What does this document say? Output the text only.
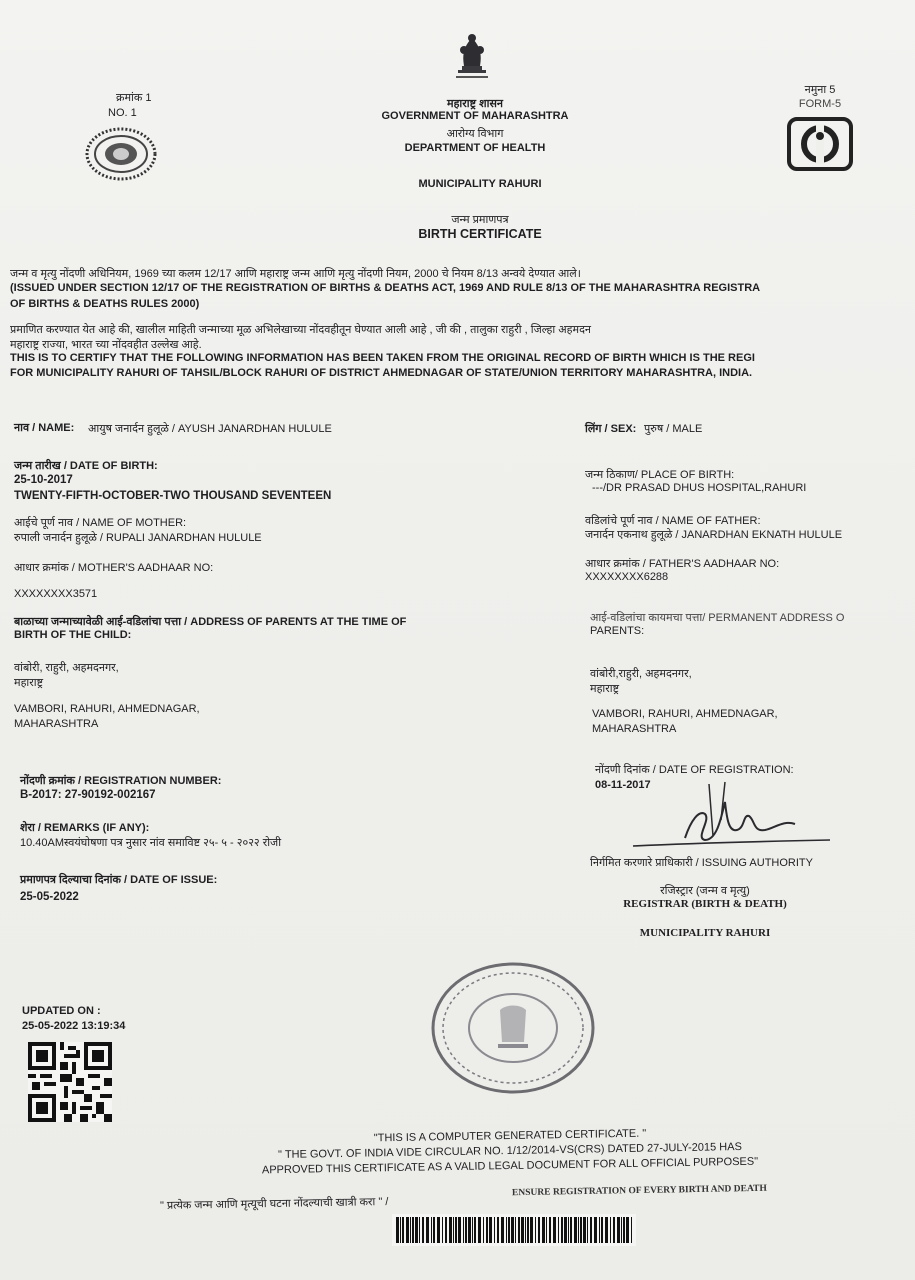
क्रमांक 1
NO. 1
महाराष्ट्र शासन
GOVERNMENT OF MAHARASHTRA
आरोग्य विभाग
DEPARTMENT OF HEALTH
नमुना 5
FORM-5
MUNICIPALITY RAHURI
जन्म प्रमाणपत्र
BIRTH CERTIFICATE
जन्म व मृत्यु नोंदणी अधिनियम, 1969 च्या कलम 12/17 आणि महाराष्ट्र जन्म आणि मृत्यु नोंदणी नियम, 2000 चे नियम 8/13 अन्वये देण्यात आले।
(ISSUED UNDER SECTION 12/17 OF THE REGISTRATION OF BIRTHS & DEATHS ACT, 1969 AND RULE 8/13 OF THE MAHARASHTRA REGISTRA
OF BIRTHS & DEATHS RULES 2000)
प्रमाणित करण्यात येत आहे की, खालील माहिती जन्माच्या मूळ अभिलेखाच्या नोंदवहीतून घेण्यात आली आहे , जी की , तालुका राहुरी , जिल्हा अहमदन
महाराष्ट्र राज्या, भारत च्या नोंदवहीत उल्लेख आहे.
THIS IS TO CERTIFY THAT THE FOLLOWING INFORMATION HAS BEEN TAKEN FROM THE ORIGINAL RECORD OF BIRTH WHICH IS THE REGI
FOR MUNICIPALITY RAHURI OF TAHSIL/BLOCK RAHURI OF DISTRICT AHMEDNAGAR OF STATE/UNION TERRITORY MAHARASHTRA, INDIA.
नाव / NAME: आयुष जनार्दन हुलूळे / AYUSH JANARDHAN HULULE	लिंग / SEX: पुरुष / MALE
जन्म तारीख / DATE OF BIRTH:
25-10-2017
TWENTY-FIFTH-OCTOBER-TWO THOUSAND SEVENTEEN
जन्म ठिकाण/ PLACE OF BIRTH:
---/DR PRASAD DHUS HOSPITAL,RAHURI
आईचे पूर्ण नाव / NAME OF MOTHER:
रुपाली जनार्दन हुलूळे / RUPALI JANARDHAN HULULE
वडिलांचे पूर्ण नाव / NAME OF FATHER:
जनार्दन एकनाथ हुलूळे / JANARDHAN EKNATH HULULE
आधार क्रमांक / MOTHER'S AADHAAR NO:
XXXXXXXX3571
आधार क्रमांक / FATHER'S AADHAAR NO:
XXXXXXXX6288
बाळाच्या जन्माच्यावेळी आई-वडिलांचा पत्ता / ADDRESS OF PARENTS AT THE TIME OF
BIRTH OF THE CHILD:
वांबोरी, राहुरी, अहमदनगर,
महाराष्ट्र
VAMBORI, RAHURI, AHMEDNAGAR,
MAHARASHTRA
आई-वडिलांचा कायमचा पत्ता/ PERMANENT ADDRESS O
PARENTS:
वांबोरी,राहुरी, अहमदनगर,
महाराष्ट्र
VAMBORI, RAHURI, AHMEDNAGAR,
MAHARASHTRA
नोंदणी क्रमांक / REGISTRATION NUMBER:
B-2017: 27-90192-002167
नोंदणी दिनांक / DATE OF REGISTRATION:
08-11-2017
शेरा / REMARKS (IF ANY):
10.40AMस्वयंघोषणा पत्र नुसार नांव समाविष्ट २५- ५ - २०२२ रोजी
निर्गमित करणारे प्राधिकारी / ISSUING AUTHORITY
रजिस्ट्रार (जन्म व मृत्यु)
REGISTRAR (BIRTH & DEATH)
MUNICIPALITY RAHURI
प्रमाणपत्र दिल्याचा दिनांक / DATE OF ISSUE:
25-05-2022
UPDATED ON :
25-05-2022 13:19:34
"THIS IS A COMPUTER GENERATED CERTIFICATE. "
" THE GOVT. OF INDIA VIDE CIRCULAR NO. 1/12/2014-VS(CRS) DATED 27-JULY-2015 HAS
APPROVED THIS CERTIFICATE AS A VALID LEGAL DOCUMENT FOR ALL OFFICIAL PURPOSES"
" प्रत्येक जन्म आणि मृत्यूची घटना नोंदल्याची खात्री करा " /
ENSURE REGISTRATION OF EVERY BIRTH AND DEATH
